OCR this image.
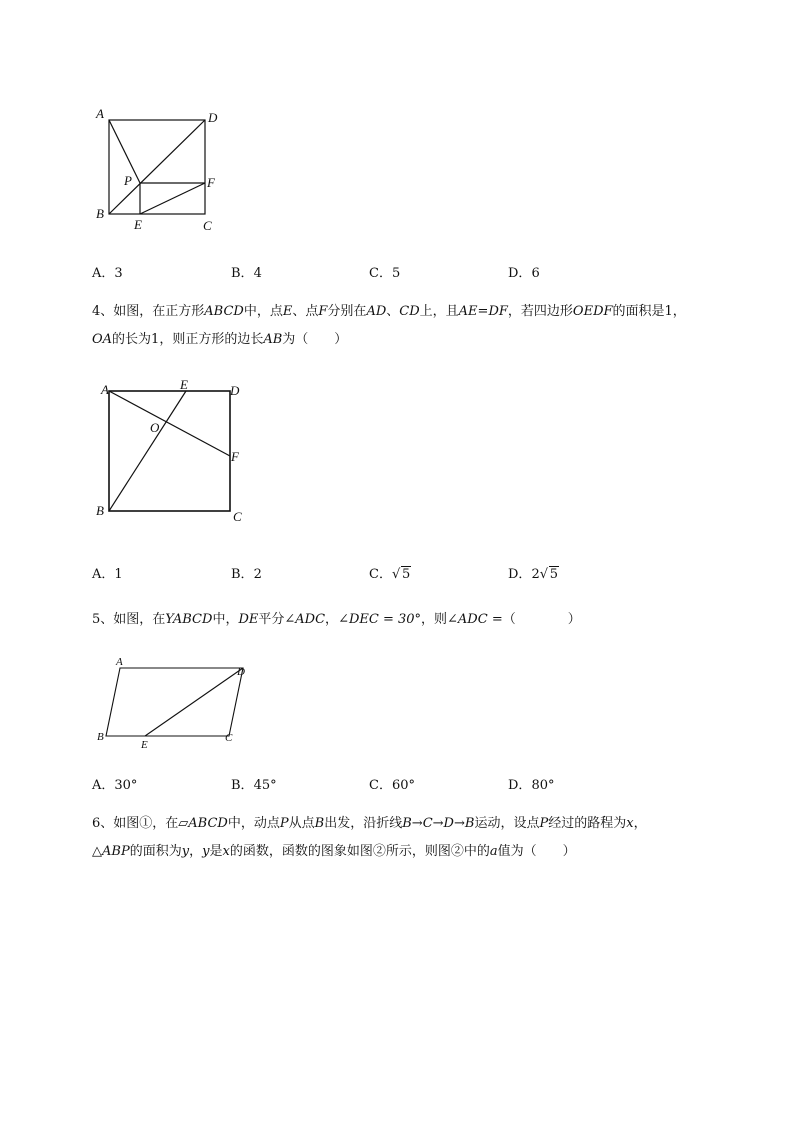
A	D
P	F
B
E	C
A．3	B．4	C．5	D．6
4、如图，在正方形ABCD中，点E、点F分别在AD、CD上，且AE=DF，若四边形OEDF的面积是1，
OA的长为1，则正方形的边长AB为（　　）
A	E	D
O
F
B	C
A．1	B．2	C． √ 5	D．2 √ 5
5、如图，在YABCD中，DE平分∠ADC，∠DEC = 30°，则∠ADC =（　　　　）
A
D
B
E
C
A．30°	B．45°	C．60°	D．80°
6、如图①，在▱ABCD中，动点P从点B出发，沿折线B→C→D→B运动，设点P经过的路程为x，
△ABP的面积为y，y是x的函数，函数的图象如图②所示，则图②中的a值为（　　）
